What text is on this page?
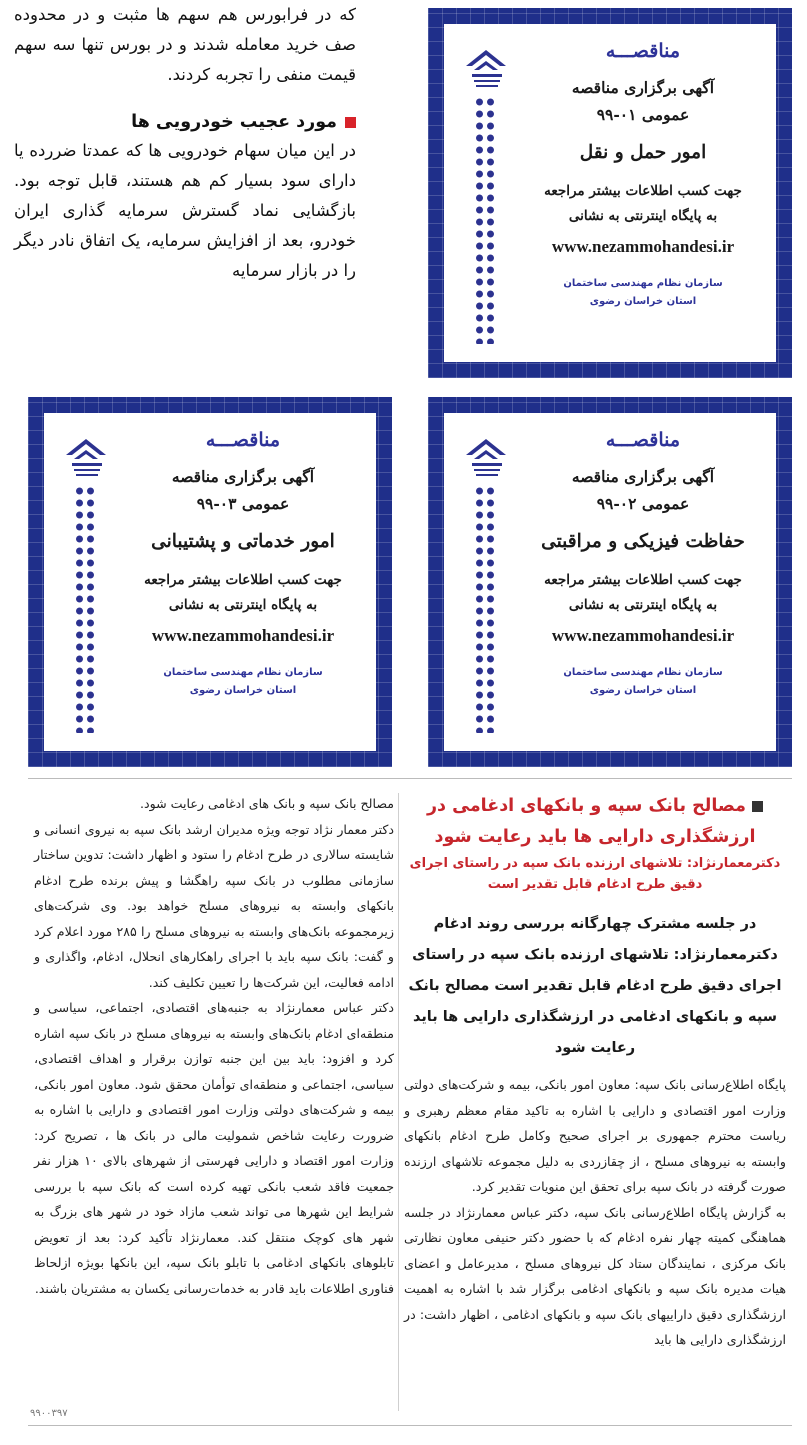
که در فرابورس هم سهم ها مثبت و در محدوده صف خرید معامله شدند و در بورس تنها سه سهم قیمت منفی را تجربه کردند.

مورد عجیب خودرویی ها

در این میان سهام خودرویی ها که عمدتا ضررده یا دارای سود بسیار کم هم هستند، قابل توجه بود. بازگشایی نماد گسترش سرمایه گذاری ایران خودرو، بعد از افزایش سرمایه، یک اتفاق نادر دیگر را در بازار سرمایه

مناقصـــه
آگهی برگزاری مناقصه
عمومی ۰۱-۹۹
امور حمل و نقل
جهت کسب اطلاعات بیشتر مراجعه
به پایگاه اینترنتی به نشانی
www.nezammohandesi.ir
سازمان نظام مهندسی ساختمان
استان خراسان رضوی
مناقصـــه
آگهی برگزاری مناقصه
عمومی ۰۳-۹۹
امور خدماتی و پشتیبانی
جهت کسب اطلاعات بیشتر مراجعه
به پایگاه اینترنتی به نشانی
www.nezammohandesi.ir
سازمان نظام مهندسی ساختمان
استان خراسان رضوی
مناقصـــه
آگهی برگزاری مناقصه
عمومی ۰۲-۹۹
حفاظت فیزیکی و مراقبتی
جهت کسب اطلاعات بیشتر مراجعه
به پایگاه اینترنتی به نشانی
www.nezammohandesi.ir
سازمان نظام مهندسی ساختمان
استان خراسان رضوی
مصالح بانک سپه و بانکهای ادغامی در ارزشگذاری دارایی ها باید رعایت شود
دکترمعمارنژاد: تلاشهای ارزنده بانک سپه در راستای اجرای دقیق طرح ادغام قابل تقدیر است
در جلسه مشترک چهارگانه بررسی روند ادغام دکترمعمارنژاد: تلاشهای ارزنده بانک سپه در راستای اجرای دقیق طرح ادغام قابل تقدیر است مصالح بانک سپه و بانکهای ادغامی در ارزشگذاری دارایی ها باید رعایت شود

پایگاه اطلاع‌رسانی بانک سپه: معاون امور بانکی، بیمه و شرکت‌های دولتی وزارت امور اقتصادی و دارایی با اشاره به تاکید مقام معظم رهبری و ریاست محترم جمهوری بر اجرای صحیح وکامل طرح ادغام بانکهای وابسته به نیروهای مسلح ، از چقازردی به دلیل مجموعه تلاشهای ارزنده صورت گرفته در بانک سپه برای تحقق این منویات تقدیر کرد.

به گزارش پایگاه اطلاع‌رسانی بانک سپه، دکتر عباس معمارنژاد در جلسه هماهنگی کمیته چهار نفره ادغام که با حضور دکتر حنیفی معاون نظارتی بانک مرکزی ، نمایندگان ستاد کل نیروهای مسلح ، مدیرعامل و اعضای هیات مدیره بانک سپه و بانکهای ادغامی برگزار شد با اشاره به اهمیت ارزشگذاری دقیق داراییهای بانک سپه و بانکهای ادغامی ، اظهار داشت: در ارزشگذاری دارایی ها باید

مصالح بانک سپه و بانک های ادغامی رعایت شود.

دکتر معمار نژاد توجه ویژه مدیران ارشد بانک سپه به نیروی انسانی و شایسته سالاری در طرح ادغام را ستود و اظهار داشت: تدوین ساختار سازمانی مطلوب در بانک سپه راهگشا و پیش برنده طرح ادغام بانکهای وابسته به نیروهای مسلح خواهد بود. وی شرکت‌های زیرمجموعه بانک‌های وابسته به نیروهای مسلح را ۲۸۵ مورد اعلام کرد و گفت: بانک سپه باید با اجرای راهکارهای انحلال، ادغام، واگذاری و ادامه فعالیت، این شرکت‌ها را تعیین تکلیف کند.

دکتر عباس معمارنژاد به جنبه‌های اقتصادی، اجتماعی، سیاسی و منطقه‌ای ادغام بانک‌های وابسته به نیروهای مسلح در بانک سپه اشاره کرد و افزود: باید بین این جنبه توازن برقرار و اهداف اقتصادی، سیاسی، اجتماعی و منطقه‌ای توأمان محقق شود. معاون امور بانکی، بیمه و شرکت‌های دولتی وزارت امور اقتصادی و دارایی با اشاره به ضرورت رعایت شاخص شمولیت مالی در بانک ها ، تصریح کرد: وزارت امور اقتصاد و دارایی فهرستی از شهرهای بالای ۱۰ هزار نفر جمعیت فاقد شعب بانکی تهیه کرده است که بانک سپه با بررسی شرایط این شهرها می تواند شعب مازاد خود در شهر های بزرگ به شهر های کوچک منتقل کند. معمارنژاد تأکید کرد: بعد از تعویض تابلوهای بانکهای ادغامی با تابلو بانک سپه، این بانکها بویژه ازلحاظ فناوری اطلاعات باید قادر به خدمات‌رسانی یکسان به مشتریان باشند.

۹۹۰۰۳۹۷
